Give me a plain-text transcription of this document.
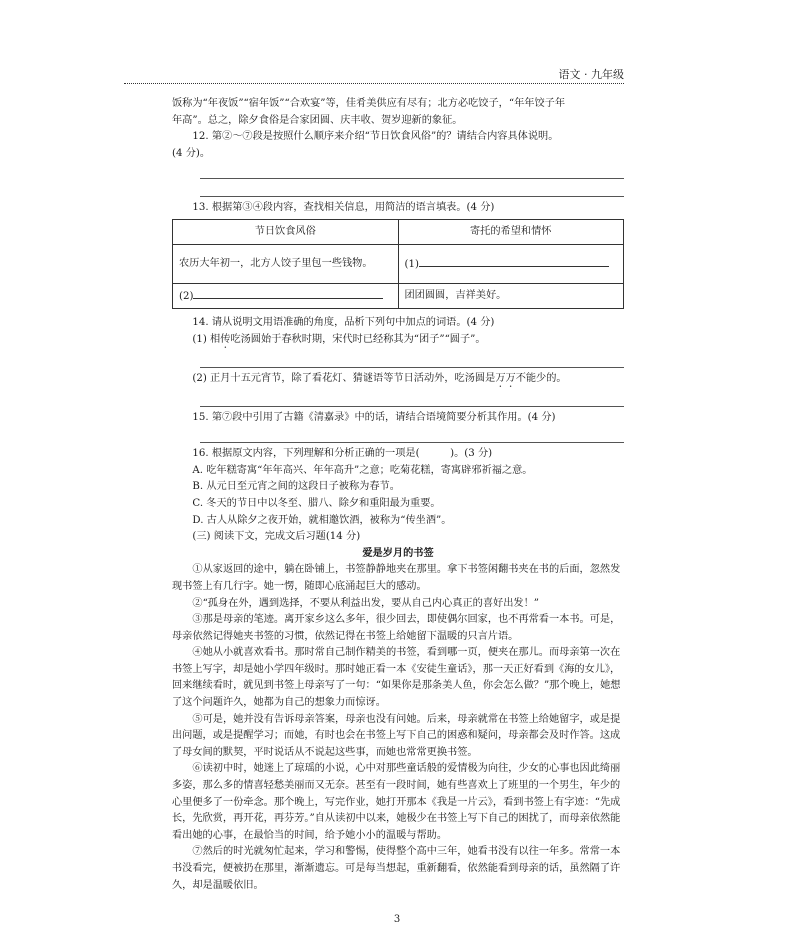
语文 · 九年级

饭称为“年夜饭”“宿年饭”“合欢宴”等，佳肴美供应有尽有；北方必吃饺子，“年年饺子年

年高”。总之，除夕食俗是合家团圆、庆丰收、贺岁迎新的象征。

12. 第②～⑦段是按照什么顺序来介绍“节日饮食风俗”的？请结合内容具体说明。

(4 分)。

13. 根据第③④段内容，查找相关信息，用简洁的语言填表。(4 分)

节日饮食风俗	寄托的希望和情怀
农历大年初一，北方人饺子里包一些钱物。	(1)
(2)	团团圆圆，吉祥美好。

14. 请从说明文用语准确的角度，品析下列句中加点的词语。(4 分)

(1) 相传吃汤圆始于春秋时期，宋代时已经称其为“团子”“圆子”。

(2) 正月十五元宵节，除了看花灯、猜谜语等节日活动外，吃汤圆是万万不能少的。

15. 第⑦段中引用了古籍《清嘉录》中的话，请结合语境简要分析其作用。(4 分)

16. 根据原文内容，下列理解和分析正确的一项是(　　　)。(3 分)

A. 吃年糕寄寓“年年高兴、年年高升”之意；吃菊花糕，寄寓辟邪祈福之意。

B. 从元日至元宵之间的这段日子被称为春节。

C. 冬天的节日中以冬至、腊八、除夕和重阳最为重要。

D. 古人从除夕之夜开始，就相邀饮酒，被称为“传坐酒”。

(三) 阅读下文，完成文后习题(14 分)

爱是岁月的书签

①从家返回的途中，躺在卧铺上，书签静静地夹在那里。拿下书签闲翻书夹在书的后面，忽然发现书签上有几行字。她一愣，随即心底涌起巨大的感动。

②“孤身在外，遇到选择，不要从利益出发，要从自己内心真正的喜好出发！”

③那是母亲的笔迹。离开家乡这么多年，很少回去，即使偶尔回家，也不再常看一本书。可是，母亲依然记得她夹书签的习惯，依然记得在书签上给她留下温暖的只言片语。

④她从小就喜欢看书。那时常自己制作精美的书签，看到哪一页，便夹在那儿。而母亲第一次在书签上写字，却是她小学四年级时。那时她正看一本《安徒生童话》，那一天正好看到《海的女儿》，回来继续看时，就见到书签上母亲写了一句：“如果你是那条美人鱼，你会怎么做？”那个晚上，她想了这个问题许久，她都为自己的想象力而惊讶。

⑤可是，她并没有告诉母亲答案，母亲也没有问她。后来，母亲就常在书签上给她留字，或是提出问题，或是提醒学习；而她，有时也会在书签上写下自己的困惑和疑问，母亲都会及时作答。这成了母女间的默契，平时说话从不说起这些事，而她也常常更换书签。

⑥读初中时，她迷上了琼瑶的小说，心中对那些童话般的爱情极为向往，少女的心事也因此绮丽多姿，那么多的情喜轻愁美丽而又无奈。甚至有一段时间，她有些喜欢上了班里的一个男生，年少的心里便多了一份牵念。那个晚上，写完作业，她打开那本《我是一片云》，看到书签上有字迹：“先成长，先欣赏，再开花，再芬芳。”自从读初中以来，她极少在书签上写下自己的困扰了，而母亲依然能看出她的心事，在最恰当的时间，给予她小小的温暖与帮助。

⑦然后的时光就匆忙起来，学习和警惕，使得整个高中三年，她看书没有以往一年多。常常一本书没看完，便被扔在那里，渐渐遗忘。可是每当想起，重新翻看，依然能看到母亲的话，虽然隔了许久，却是温暖依旧。

3
